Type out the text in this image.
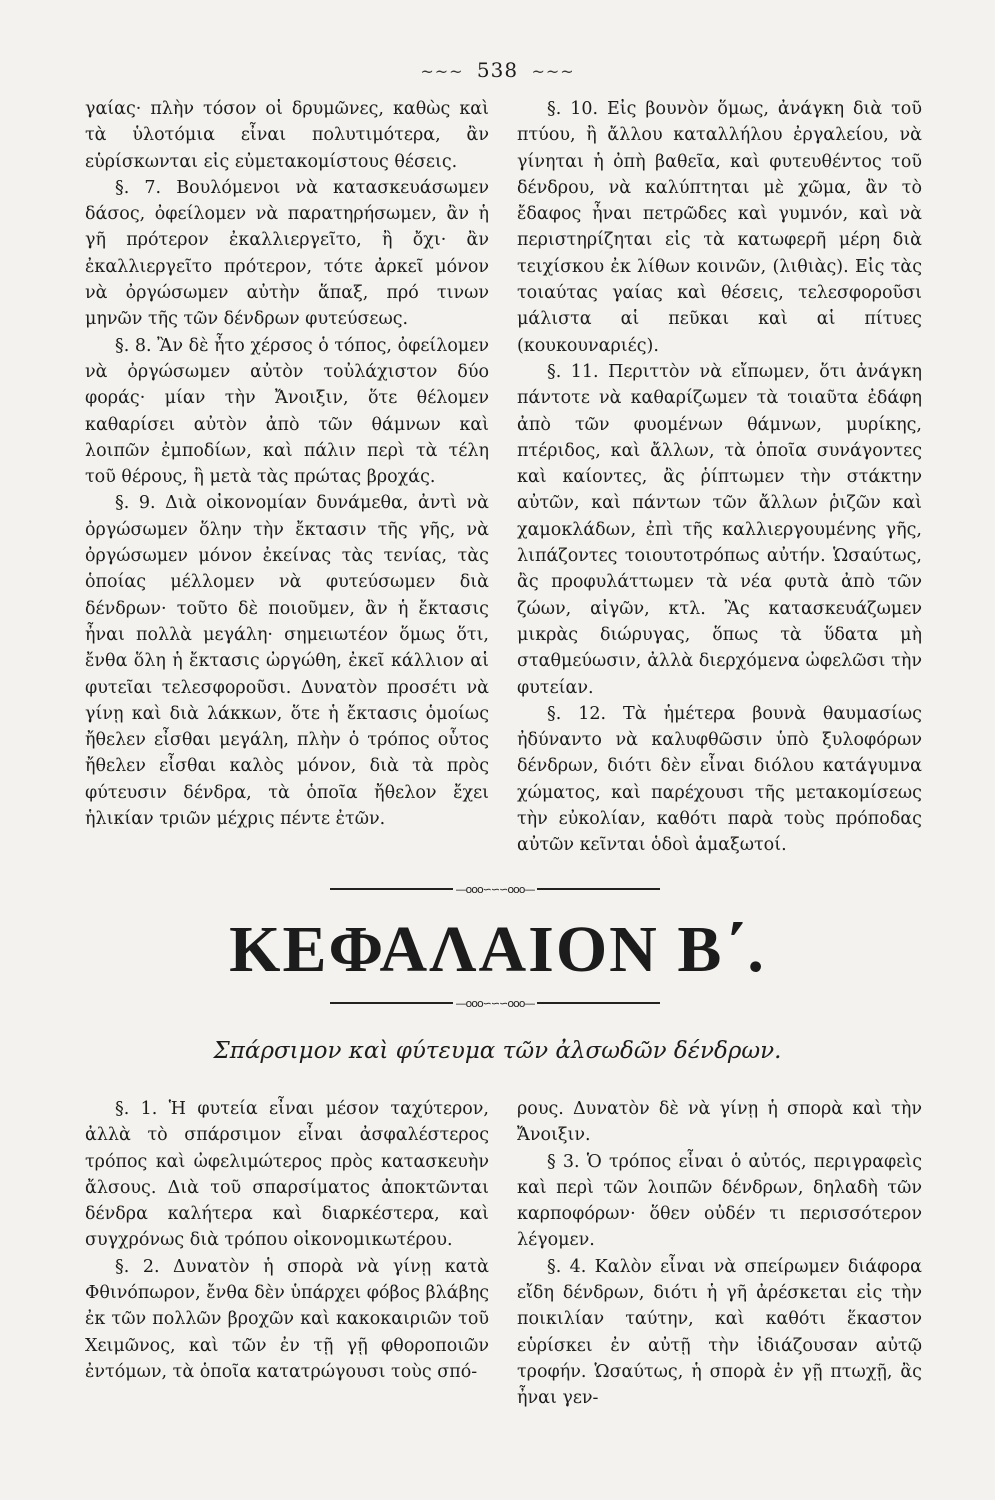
~~~ 538 ~~~

γαίας· πλὴν τόσον οἱ δρυμῶνες, καθὼς καὶ τὰ ὑλοτόμια εἶναι πολυτιμότερα, ἂν εὑρίσκωνται εἰς εὐμετακομίστους θέσεις.

§. 7. Βουλόμενοι νὰ κατασκευάσωμεν δάσος, ὀφείλομεν νὰ παρατηρήσωμεν, ἂν ἡ γῆ πρότερον ἐκαλλιεργεῖτο, ἢ ὄχι· ἂν ἐκαλλιεργεῖτο πρότερον, τότε ἀρκεῖ μόνον νὰ ὀργώσωμεν αὐτὴν ἅπαξ, πρό τινων μηνῶν τῆς τῶν δένδρων φυτεύσεως.

§. 8. Ἂν δὲ ἦτο χέρσος ὁ τόπος, ὀφείλομεν νὰ ὀργώσωμεν αὐτὸν τοὐλάχιστον δύο φοράς· μίαν τὴν Ἄνοιξιν, ὅτε θέλομεν καθαρίσει αὐτὸν ἀπὸ τῶν θάμνων καὶ λοιπῶν ἐμποδίων, καὶ πάλιν περὶ τὰ τέλη τοῦ θέρους, ἢ μετὰ τὰς πρώτας βροχάς.

§. 9. Διὰ οἰκονομίαν δυνάμεθα, ἀντὶ νὰ ὀργώσωμεν ὅλην τὴν ἔκτασιν τῆς γῆς, νὰ ὀργώσωμεν μόνον ἐκείνας τὰς τενίας, τὰς ὁποίας μέλλομεν νὰ φυτεύσωμεν διὰ δένδρων· τοῦτο δὲ ποιοῦμεν, ἂν ἡ ἔκτασις ἦναι πολλὰ μεγάλη· σημειωτέον ὅμως ὅτι, ἔνθα ὅλη ἡ ἔκτασις ὠργώθη, ἐκεῖ κάλλιον αἱ φυτεῖαι τελεσφοροῦσι. Δυνατὸν προσέτι νὰ γίνῃ καὶ διὰ λάκκων, ὅτε ἡ ἔκτασις ὁμοίως ἤθελεν εἶσθαι μεγάλη, πλὴν ὁ τρόπος οὗτος ἤθελεν εἶσθαι καλὸς μόνον, διὰ τὰ πρὸς φύτευσιν δένδρα, τὰ ὁποῖα ἤθελον ἔχει ἡλικίαν τριῶν μέχρις πέντε ἐτῶν.

§. 10. Εἰς βουνὸν ὅμως, ἀνάγκη διὰ τοῦ πτύου, ἢ ἄλλου καταλλήλου ἐργαλείου, νὰ γίνηται ἡ ὀπὴ βαθεῖα, καὶ φυτευθέντος τοῦ δένδρου, νὰ καλύπτηται μὲ χῶμα, ἂν τὸ ἔδαφος ἦναι πετρῶδες καὶ γυμνόν, καὶ νὰ περιστηρίζηται εἰς τὰ κατωφερῆ μέρη διὰ τειχίσκου ἐκ λίθων κοινῶν, (λιθιὰς). Εἰς τὰς τοιαύτας γαίας καὶ θέσεις, τελεσφοροῦσι μάλιστα αἱ πεῦκαι καὶ αἱ πίτυες (κουκουναριές).

§. 11. Περιττὸν νὰ εἴπωμεν, ὅτι ἀνάγκη πάντοτε νὰ καθαρίζωμεν τὰ τοιαῦτα ἐδάφη ἀπὸ τῶν φυομένων θάμνων, μυρίκης, πτέριδος, καὶ ἄλλων, τὰ ὁποῖα συνάγοντες καὶ καίοντες, ἂς ῥίπτωμεν τὴν στάκτην αὐτῶν, καὶ πάντων τῶν ἄλλων ῥιζῶν καὶ χαμοκλάδων, ἐπὶ τῆς καλλιεργουμένης γῆς, λιπάζοντες τοιουτοτρόπως αὐτήν. Ὡσαύτως, ἂς προφυλάττωμεν τὰ νέα φυτὰ ἀπὸ τῶν ζώων, αἰγῶν, κτλ. Ἂς κατασκευάζωμεν μικρὰς διώρυγας, ὅπως τὰ ὕδατα μὴ σταθμεύωσιν, ἀλλὰ διερχόμενα ὠφελῶσι τὴν φυτείαν.

§. 12. Τὰ ἡμέτερα βουνὰ θαυμασίως ἠδύναντο νὰ καλυφθῶσιν ὑπὸ ξυλοφόρων δένδρων, διότι δὲν εἶναι διόλου κατάγυμνα χώματος, καὶ παρέχουσι τῆς μετακομίσεως τὴν εὐκολίαν, καθότι παρὰ τοὺς πρόποδας αὐτῶν κεῖνται ὁδοὶ ἁμαξωτοί.

—ooo∽∽∽ooo—
ΚΕΦΑΛΑΙΟΝ Β΄.
—ooo∽∽∽ooo—
Σπάρσιμον καὶ φύτευμα τῶν ἀλσωδῶν δένδρων.

§. 1. Ἡ φυτεία εἶναι μέσον ταχύτερον, ἀλλὰ τὸ σπάρσιμον εἶναι ἀσφαλέστερος τρόπος καὶ ὠφελιμώτερος πρὸς κατασκευὴν ἄλσους. Διὰ τοῦ σπαρσίματος ἀποκτῶνται δένδρα καλήτερα καὶ διαρκέστερα, καὶ συγχρόνως διὰ τρόπου οἰκονομικωτέρου.

§. 2. Δυνατὸν ἡ σπορὰ νὰ γίνῃ κατὰ Φθινόπωρον, ἔνθα δὲν ὑπάρχει φόβος βλάβης ἐκ τῶν πολλῶν βροχῶν καὶ κακοκαιριῶν τοῦ Χειμῶνος, καὶ τῶν ἐν τῇ γῇ φθοροποιῶν ἐντόμων, τὰ ὁποῖα κατατρώγουσι τοὺς σπό-

ρους. Δυνατὸν δὲ νὰ γίνῃ ἡ σπορὰ καὶ τὴν Ἄνοιξιν.

§ 3. Ὁ τρόπος εἶναι ὁ αὐτός, περιγραφεὶς καὶ περὶ τῶν λοιπῶν δένδρων, δηλαδὴ τῶν καρποφόρων· ὅθεν οὐδέν τι περισσότερον λέγομεν.

§. 4. Καλὸν εἶναι νὰ σπείρωμεν διάφορα εἴδη δένδρων, διότι ἡ γῆ ἀρέσκεται εἰς τὴν ποικιλίαν ταύτην, καὶ καθότι ἕκαστον εὑρίσκει ἐν αὐτῇ τὴν ἰδιάζουσαν αὐτῷ τροφήν. Ὡσαύτως, ἡ σπορὰ ἐν γῇ πτωχῇ, ἂς ἦναι γεν-
